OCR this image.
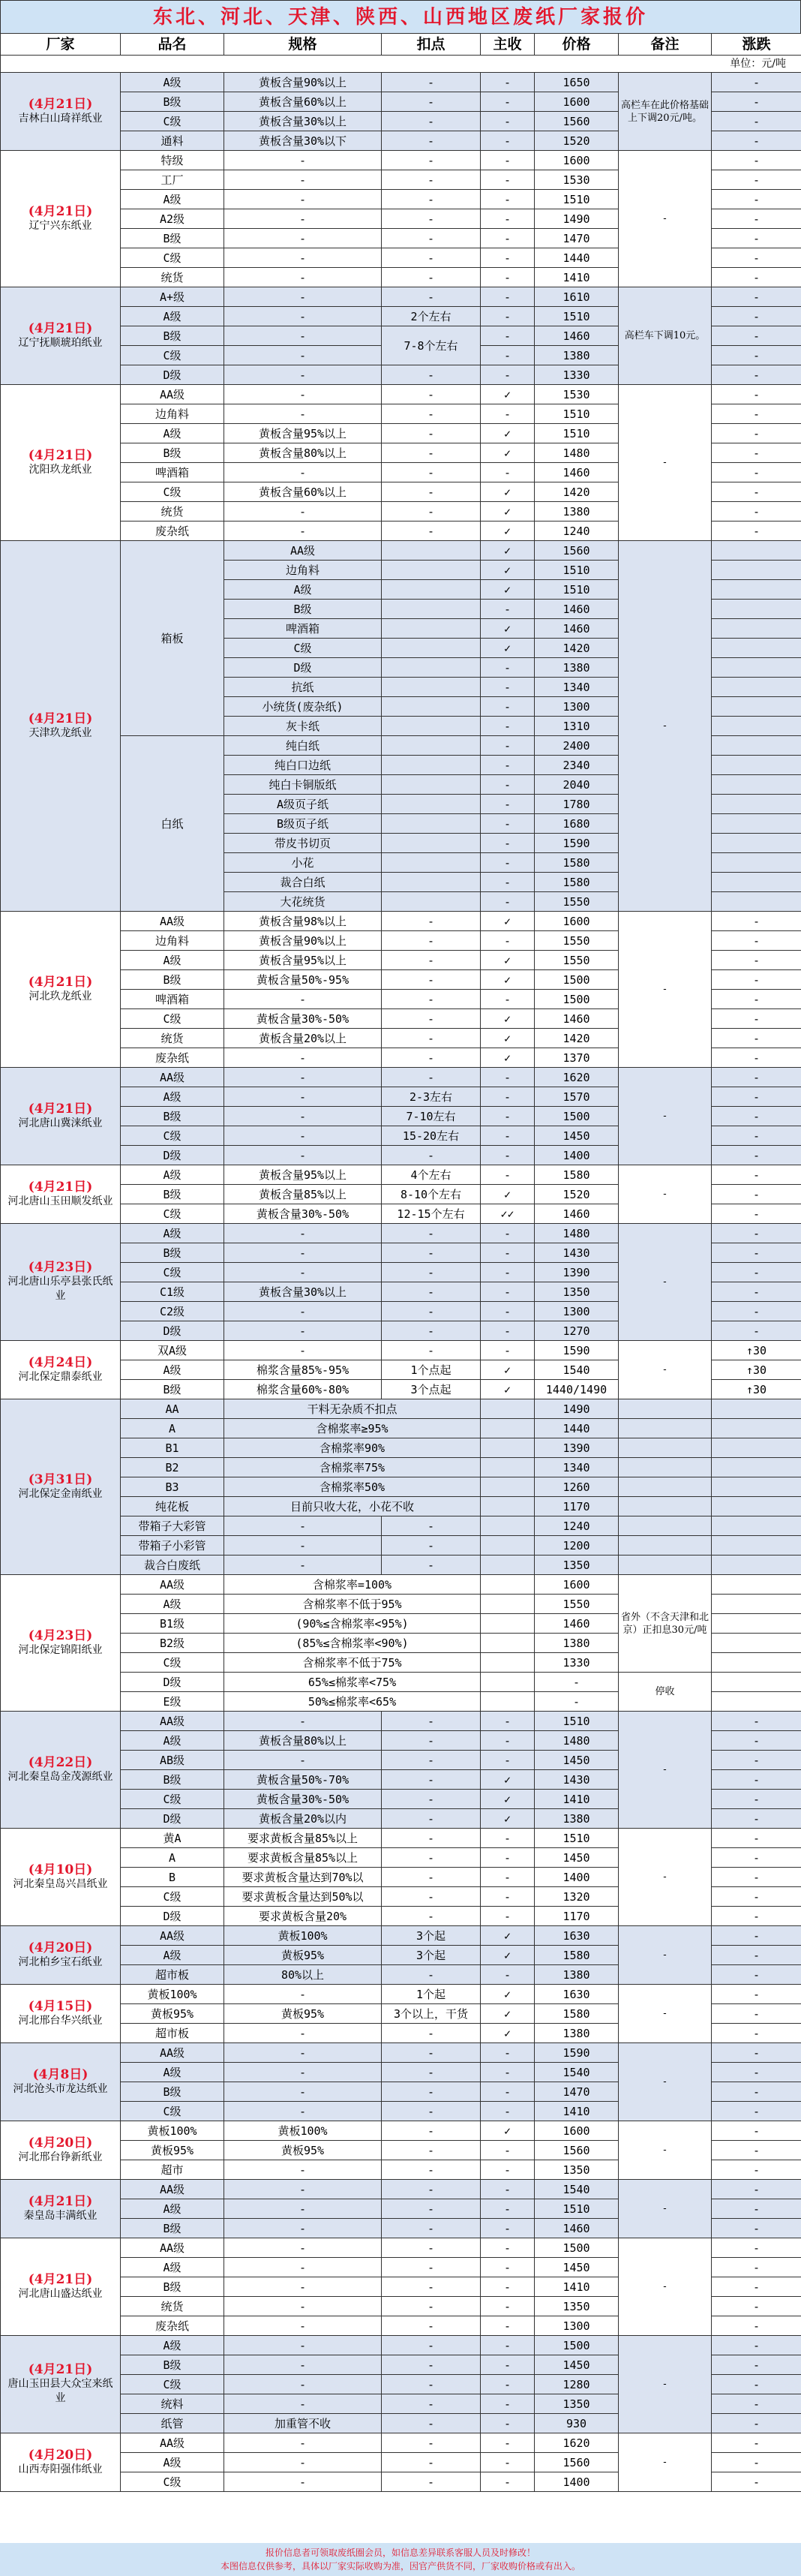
东北、河北、天津、陕西、山西地区废纸厂家报价
厂家	品名	规格	扣点	主收	价格	备注	涨跌
单位：元/吨							

(4月21日)
吉林白山琦祥纸业	A级	黄板含量90%以上	-	-	1650	高栏车在此价格基础上下调20元/吨。	-
	B级	黄板含量60%以上	-	-	1600		-
	C级	黄板含量30%以上	-	-	1560		-
	通料	黄板含量30%以下	-	-	1520		-

(4月21日)
辽宁兴东纸业	特级	-	-	-	1600	-	-
	工厂	-	-	-	1530		-
	A级	-	-	-	1510		-
	A2级	-	-	-	1490		-
	B级	-	-	-	1470		-
	C级	-	-	-	1440		-
	统货	-	-	-	1410		-

(4月21日)
辽宁抚顺琥珀纸业	A+级	-	-	-	1610	高栏车下调10元。	-
	A级	-	2个左右	-	1510		-
	B级	-	7-8个左右	-	1460		-
	C级	-		-	1380		-
	D级	-	-	-	1330		-

(4月21日)
沈阳玖龙纸业	AA级	-	-	✓	1530	-	-
	边角料	-	-	-	1510		-
	A级	黄板含量95%以上	-	✓	1510		-
	B级	黄板含量80%以上	-	✓	1480		-
	啤酒箱	-	-	-	1460		-
	C级	黄板含量60%以上	-	✓	1420		-
	统货	-	-	✓	1380		-
	废杂纸	-	-	✓	1240		-

(4月21日)
天津玖龙纸业	箱板	AA级		✓	1560	-	
		边角料		✓	1510		
		A级		✓	1510		
		B级		-	1460		
		啤酒箱		✓	1460		
		C级		✓	1420		
		D级		-	1380		
		抗纸		-	1340		
		小统货(废杂纸)		-	1300		
		灰卡纸		-	1310		
	白纸	纯白纸		-	2400		
		纯白口边纸		-	2340		
		纯白卡铜版纸		-	2040		
		A级页子纸		-	1780		
		B级页子纸		-	1680		
		带皮书切页		-	1590		
		小花		-	1580		
		裁合白纸		-	1580		
		大花统货		-	1550		

(4月21日)
河北玖龙纸业	AA级	黄板含量98%以上	-	✓	1600	-	-
	边角料	黄板含量90%以上	-	-	1550		-
	A级	黄板含量95%以上	-	✓	1550		-
	B级	黄板含量50%-95%	-	✓	1500		-
	啤酒箱	-	-	-	1500		-
	C级	黄板含量30%-50%	-	✓	1460		-
	统货	黄板含量20%以上	-	✓	1420		-
	废杂纸	-	-	✓	1370		-

(4月21日)
河北唐山冀涞纸业	AA级	-	-	-	1620	-	-
	A级	-	2-3左右	-	1570		-
	B级	-	7-10左右	-	1500		-
	C级	-	15-20左右	-	1450		-
	D级	-	-	-	1400		-

(4月21日)
河北唐山玉田顺发纸业	A级	黄板含量95%以上	4个左右	-	1580	-	-
	B级	黄板含量85%以上	8-10个左右	✓	1520		-
	C级	黄板含量30%-50%	12-15个左右	✓✓	1460		-

(4月23日)
河北唐山乐亭县张氏纸业	A级	-	-	-	1480	-	-
	B级	-	-	-	1430		-
	C级	-	-	-	1390		-
	C1级	黄板含量30%以上	-	-	1350		-
	C2级	-	-	-	1300		-
	D级	-	-	-	1270		-

(4月24日)
河北保定鼎泰纸业	双A级	-	-	-	1590	-	↑30
	A级	棉浆含量85%-95%	1个点起	✓	1540		↑30
	B级	棉浆含量60%-80%	3个点起	✓	1440/1490		↑30

(3月31日)
河北保定金南纸业	AA	干料无杂质不扣点			1490		
	A	含棉浆率≥95%			1440		
	B1	含棉浆率90%			1390		
	B2	含棉浆率75%			1340		
	B3	含棉浆率50%			1260		
	纯花板	目前只收大花，小花不收			1170		
	带箱子大彩管	-	-		1240		
	带箱子小彩管	-	-		1200		
	裁合白废纸	-	-		1350		

(4月23日)
河北保定锦阳纸业	AA级	含棉浆率=100%			1600	省外（不含天津和北京）正扣息30元/吨	
	A级	含棉浆率不低于95%			1550		
	B1级	(90%≤含棉浆率<95%)			1460		
	B2级	(85%≤含棉浆率<90%)			1380		
	C级	含棉浆率不低于75%			1330		
	D级	65%≤棉浆率<75%			-	停收	
	E级	50%≤棉浆率<65%			-		

(4月22日)
河北秦皇岛金茂源纸业	AA级	-	-	-	1510	-	-
	A级	黄板含量80%以上	-	-	1480		-
	AB级	-	-	-	1450		-
	B级	黄板含量50%-70%	-	✓	1430		-
	C级	黄板含量30%-50%	-	✓	1410		-
	D级	黄板含量20%以内	-	✓	1380		-

(4月10日)
河北秦皇岛兴昌纸业	黄A	要求黄板含量85%以上	-	-	1510	-	-
	A	要求黄板含量85%以上	-	-	1450		-
	B	要求黄板含量达到70%以	-	-	1400		-
	C级	要求黄板含量达到50%以	-	-	1320		-
	D级	要求黄板含量20%	-	-	1170		-

(4月20日)
河北柏乡宝石纸业	AA级	黄板100%	3个起	✓	1630	-	-
	A级	黄板95%	3个起	✓	1580		-
	超市板	80%以上	-	-	1380		-

(4月15日)
河北邢台华兴纸业	黄板100%	-	1个起	✓	1630	-	-
	黄板95%	黄板95%	3个以上，干货	✓	1580		-
	超市板	-	-	✓	1380		-

(4月8日)
河北沧头市龙达纸业	AA级	-	-	-	1590	-	-
	A级	-	-	-	1540		-
	B级	-	-	-	1470		-
	C级	-	-	-	1410		-

(4月20日)
河北邢台铮新纸业	黄板100%	黄板100%	-	✓	1600	-	-
	黄板95%	黄板95%	-	-	1560		-
	超市	-	-	-	1350		-

(4月21日)
秦皇岛丰满纸业	AA级	-	-	-	1540	-	-
	A级	-	-	-	1510		-
	B级	-	-	-	1460		-

(4月21日)
河北唐山盛达纸业	AA级	-	-	-	1500	-	-
	A级	-	-	-	1450		-
	B级	-	-	-	1410		-
	统货	-	-	-	1350		-
	废杂纸	-	-	-	1300		-

(4月21日)
唐山玉田县大众宝来纸业	A级	-	-	-	1500	-	-
	B级	-	-	-	1450		-
	C级	-	-	-	1280		-
	统料	-	-	-	1350		-
	纸管	加重管不收	-	-	930		-

(4月20日)
山西寿阳强伟纸业	AA级	-	-	-	1620	-	-
	A级	-	-	-	1560		-
	C级	-	-	-	1400		-
报价信息者可领取废纸圈会员，如信息差异联系客服人员及时修改！
本图信息仅供参考，具体以厂家实际收购为准，因官产供货不同，厂家收购价格或有出入。
